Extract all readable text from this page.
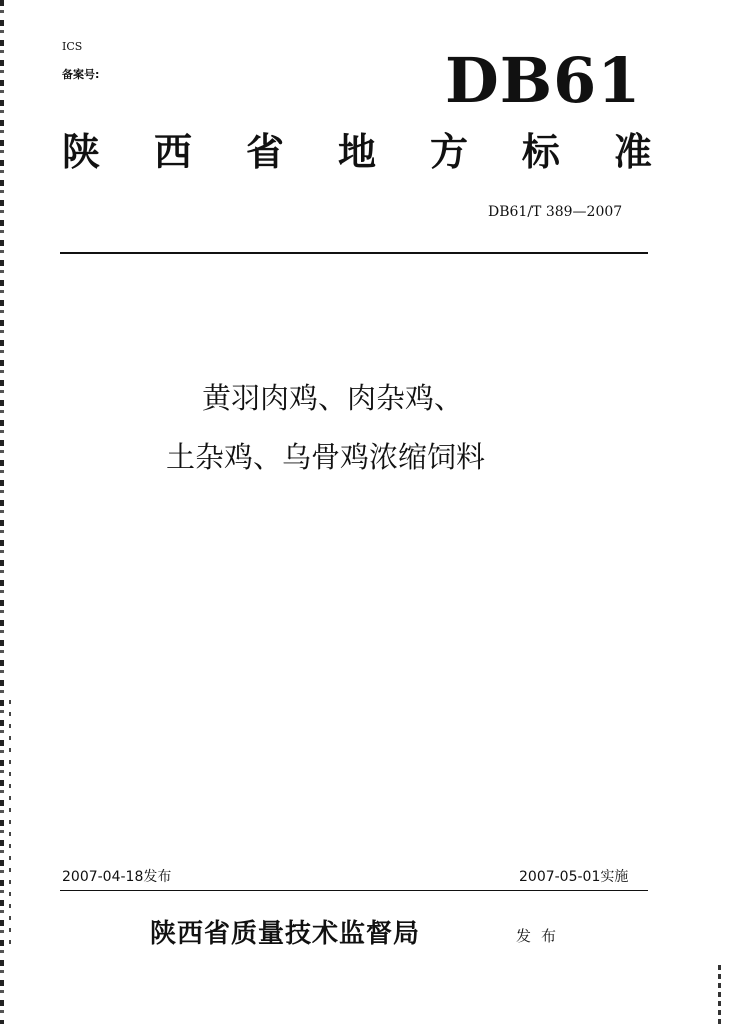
ICS
备案号:	DB61
陕 西 省 地 方 标 准
DB61/T 389—2007
黄羽肉鸡、肉杂鸡、
土杂鸡、乌骨鸡浓缩饲料
2007-04-18发布	2007-05-01实施
陕西省质量技术监督局	发布
